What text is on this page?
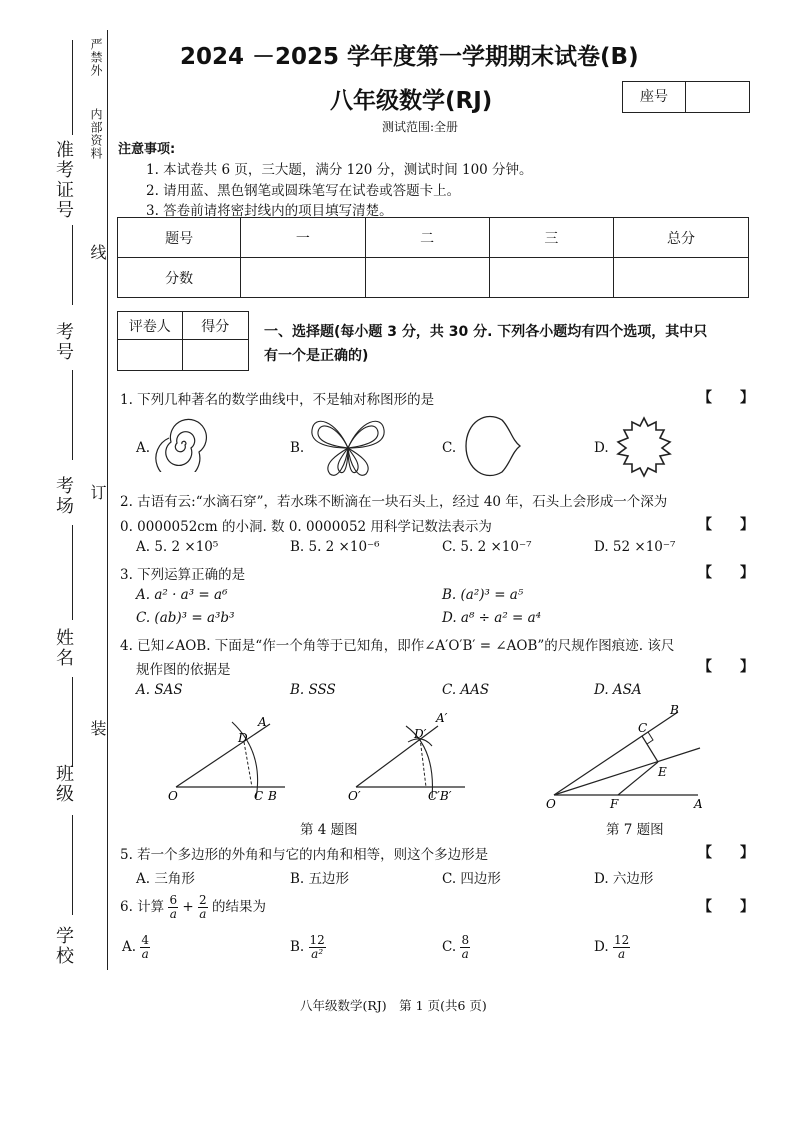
严禁外
内部资料
线
订
装
准考证号
考号
考场
姓名
班级
学校
2024 －2025 学年度第一学期期末试卷(B)
八年级数学(RJ)	座号
测试范围:全册
注意事项:
1. 本试卷共 6 页，三大题，满分 120 分，测试时间 100 分钟。
2. 请用蓝、黑色钢笔或圆珠笔写在试卷或答题卡上。
3. 答卷前请将密封线内的项目填写清楚。
题号	一	二	三	总分
分数				
评卷人	得分
	一、选择题(每小题 3 分，共 30 分. 下列各小题均有四个选项，其中只
有一个是正确的)
1. 下列几种著名的数学曲线中，不是轴对称图形的是	【　　】
A.	B.	C.	D.
2. 古语有云:“水滴石穿”，若水珠不断滴在一块石头上，经过 40 年，石头上会形成一个深为
0. 0000052cm 的小洞. 数 0. 0000052 用科学记数法表示为	【　　】
A. 5. 2 ×10⁵	B. 5. 2 ×10⁻⁶	C. 5. 2 ×10⁻⁷	D. 52 ×10⁻⁷
3. 下列运算正确的是	【　　】
A. a² · a³ = a⁶	B. (a²)³ = a⁵
C. (ab)³ = a³b³	D. a⁸ ÷ a² = a⁴
4. 已知∠AOB. 下面是“作一个角等于已知角，即作∠A′O′B′ = ∠AOB”的尺规作图痕迹. 该尺
规作图的依据是	【　　】
A. SAS	B. SSS	C. AAS	D. ASA
A
D
O	C B
A′
D′
O′	C′B′
B
C
E
O	F	A
第 4 题图	第 7 题图
5. 若一个多边形的外角和与它的内角和相等，则这个多边形是	【　　】
A. 三角形	B. 五边形	C. 四边形	D. 六边形
6. 计算 $\frac{6}{a} + \frac{2}{a}$ 的结果为	【　　】
A. $\frac{4}{a}$	B. $\frac{12}{\text{a²}}$	C. $\frac{8}{a}$	D. $\frac{12}{a}$
八年级数学(RJ)　第 1 页(共6 页)
